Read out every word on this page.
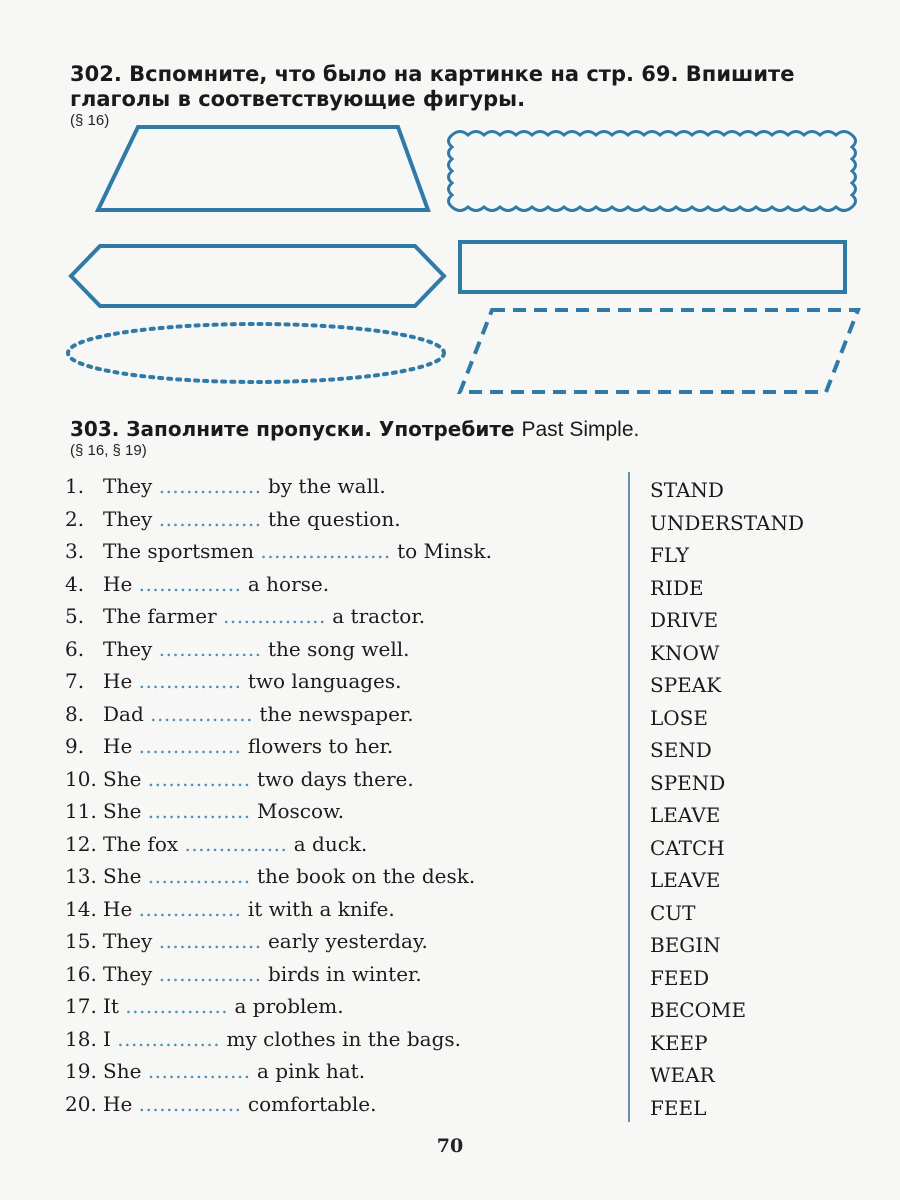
302. Вспомните, что было на картинке на стр. 69. Впишите глаголы в соответствующие фигуры.
(§ 16)
303. Заполните пропуски. Употребите Past Simple.
(§ 16, § 19)
1. They ............... by the wall.
2. They ............... the question.
3. The sportsmen ................... to Minsk.
4. He ............... a horse.
5. The farmer ............... a tractor.
6. They ............... the song well.
7. He ............... two languages.
8. Dad ............... the newspaper.
9. He ............... flowers to her.
10. She ............... two days there.
11. She ............... Moscow.
12. The fox ............... a duck.
13. She ............... the book on the desk.
14. He ............... it with a knife.
15. They ............... early yesterday.
16. They ............... birds in winter.
17. It ............... a problem.
18. I ............... my clothes in the bags.
19. She ............... a pink hat.
20. He ............... comfortable.
STAND
UNDERSTAND
FLY
RIDE
DRIVE
KNOW
SPEAK
LOSE
SEND
SPEND
LEAVE
CATCH
LEAVE
CUT
BEGIN
FEED
BECOME
KEEP
WEAR
FEEL
70
